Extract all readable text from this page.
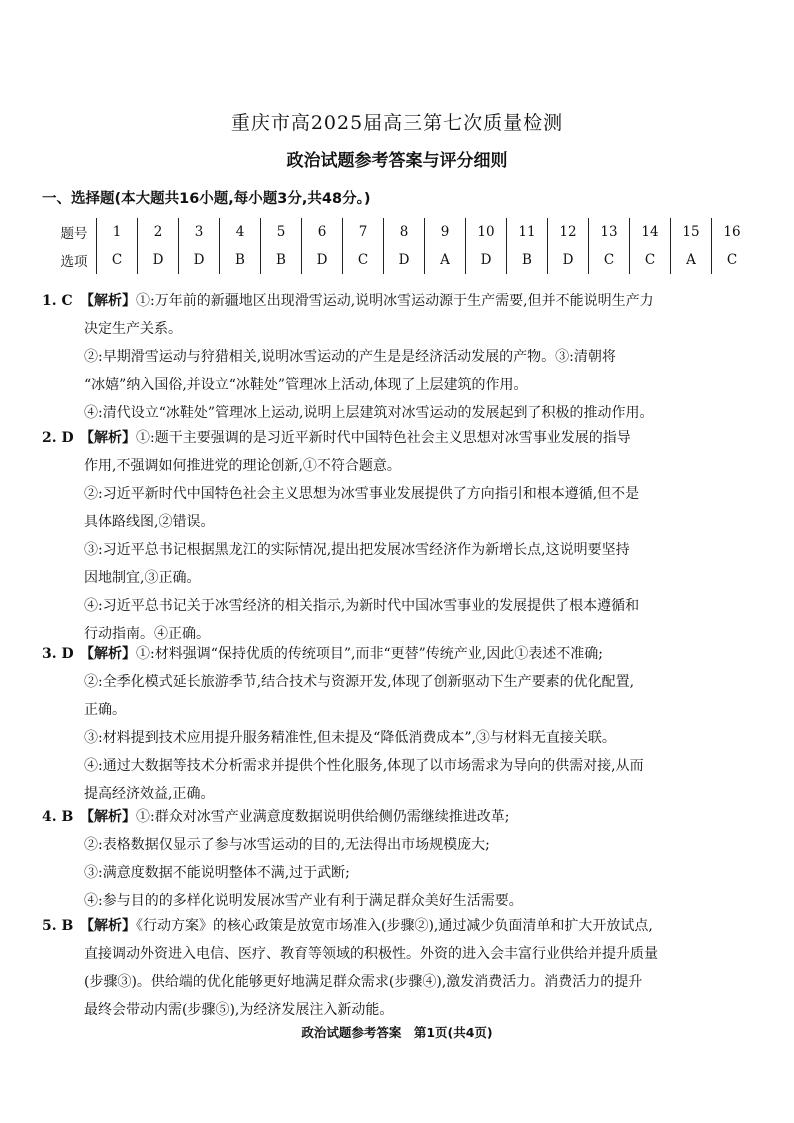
重庆市高2025届高三第七次质量检测
政治试题参考答案与评分细则
一、选择题(本大题共16小题,每小题3分,共48分。)
题号	1	2	3	4	5	6	7	8	9	10	11	12	13	14	15	16
选项	C	D	D	B	B	D	C	D	A	D	B	D	C	C	A	C
1. C 【解析】①:万年前的新疆地区出现滑雪运动,说明冰雪运动源于生产需要,但并不能说明生产力
决定生产关系。
②:早期滑雪运动与狩猎相关,说明冰雪运动的产生是是经济活动发展的产物。③:清朝将
“冰嬉”纳入国俗,并设立“冰鞋处”管理冰上活动,体现了上层建筑的作用。
④:清代设立“冰鞋处”管理冰上运动,说明上层建筑对冰雪运动的发展起到了积极的推动作用。
2. D 【解析】①:题干主要强调的是习近平新时代中国特色社会主义思想对冰雪事业发展的指导
作用,不强调如何推进党的理论创新,①不符合题意。
②:习近平新时代中国特色社会主义思想为冰雪事业发展提供了方向指引和根本遵循,但不是
具体路线图,②错误。
③:习近平总书记根据黑龙江的实际情况,提出把发展冰雪经济作为新增长点,这说明要坚持
因地制宜,③正确。
④:习近平总书记关于冰雪经济的相关指示,为新时代中国冰雪事业的发展提供了根本遵循和
行动指南。④正确。
3. D 【解析】①:材料强调“保持优质的传统项目”,而非“更替”传统产业,因此①表述不准确;
②:全季化模式延长旅游季节,结合技术与资源开发,体现了创新驱动下生产要素的优化配置,
正确。
③:材料提到技术应用提升服务精准性,但未提及“降低消费成本”,③与材料无直接关联。
④:通过大数据等技术分析需求并提供个性化服务,体现了以市场需求为导向的供需对接,从而
提高经济效益,正确。
4. B 【解析】①:群众对冰雪产业满意度数据说明供给侧仍需继续推进改革;
②:表格数据仅显示了参与冰雪运动的目的,无法得出市场规模庞大;
③:满意度数据不能说明整体不满,过于武断;
④:参与目的的多样化说明发展冰雪产业有利于满足群众美好生活需要。
5. B 【解析】《行动方案》的核心政策是放宽市场准入(步骤②),通过减少负面清单和扩大开放试点,
直接调动外资进入电信、医疗、教育等领域的积极性。外资的进入会丰富行业供给并提升质量
(步骤③)。供给端的优化能够更好地满足群众需求(步骤④),激发消费活力。消费活力的提升
最终会带动内需(步骤⑤),为经济发展注入新动能。
政治试题参考答案　第1页(共4页)
